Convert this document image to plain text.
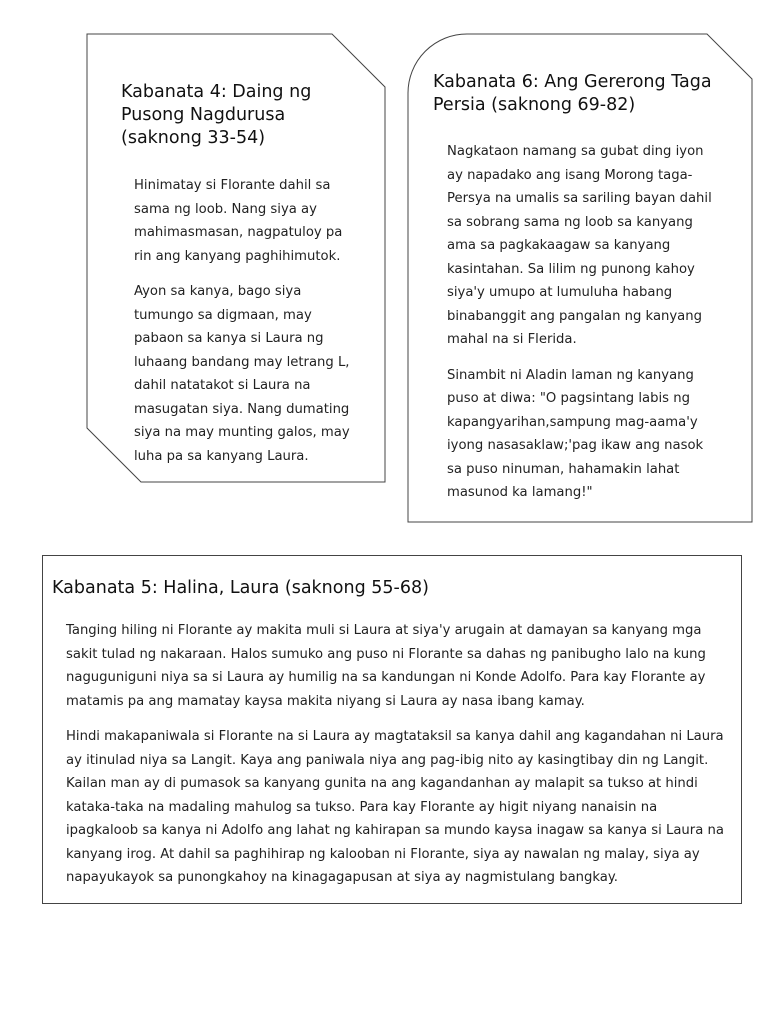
Kabanata 4: Daing ng Pusong Nagdurusa (saknong 33-54)

Hinimatay si Florante dahil sa sama ng loob. Nang siya ay mahimasmasan, nagpatuloy pa rin ang kanyang paghihimutok.

Ayon sa kanya, bago siya tumungo sa digmaan, may pabaon sa kanya si Laura ng luhaang bandang may letrang L, dahil natatakot si Laura na masugatan siya. Nang dumating siya na may munting galos, may luha pa sa kanyang Laura.

Kabanata 6: Ang Gererong Taga Persia (saknong 69-82)

Nagkataon namang sa gubat ding iyon ay napadako ang isang Morong taga-Persya na umalis sa sariling bayan dahil sa sobrang sama ng loob sa kanyang ama sa pagkakaagaw sa kanyang kasintahan. Sa lilim ng punong kahoy siya'y umupo at lumuluha habang binabanggit ang pangalan ng kanyang mahal na si Flerida.

Sinambit ni Aladin laman ng kanyang puso at diwa: "O pagsintang labis ng kapangyarihan,sampung mag-aama'y iyong nasasaklaw;'pag ikaw ang nasok sa puso ninuman, hahamakin lahat masunod ka lamang!"

Kabanata 5: Halina, Laura (saknong 55-68)

Tanging hiling ni Florante ay makita muli si Laura at siya'y arugain at damayan sa kanyang mga sakit tulad ng nakaraan. Halos sumuko ang puso ni Florante sa dahas ng panibugho lalo na kung naguguniguni niya sa si Laura ay humilig na sa kandungan ni Konde Adolfo. Para kay Florante ay matamis pa ang mamatay kaysa makita niyang si Laura ay nasa ibang kamay.

Hindi makapaniwala si Florante na si Laura ay magtataksil sa kanya dahil ang kagandahan ni Laura ay itinulad niya sa Langit. Kaya ang paniwala niya ang pag-ibig nito ay kasingtibay din ng Langit. Kailan man ay di pumasok sa kanyang gunita na ang kagandanhan ay malapit sa tukso at hindi kataka-taka na madaling mahulog sa tukso. Para kay Florante ay higit niyang nanaisin na ipagkaloob sa kanya ni Adolfo ang lahat ng kahirapan sa mundo kaysa inagaw sa kanya si Laura na kanyang irog. At dahil sa paghihirap ng kalooban ni Florante, siya ay nawalan ng malay, siya ay napayukayok sa punongkahoy na kinagagapusan at siya ay nagmistulang bangkay.
